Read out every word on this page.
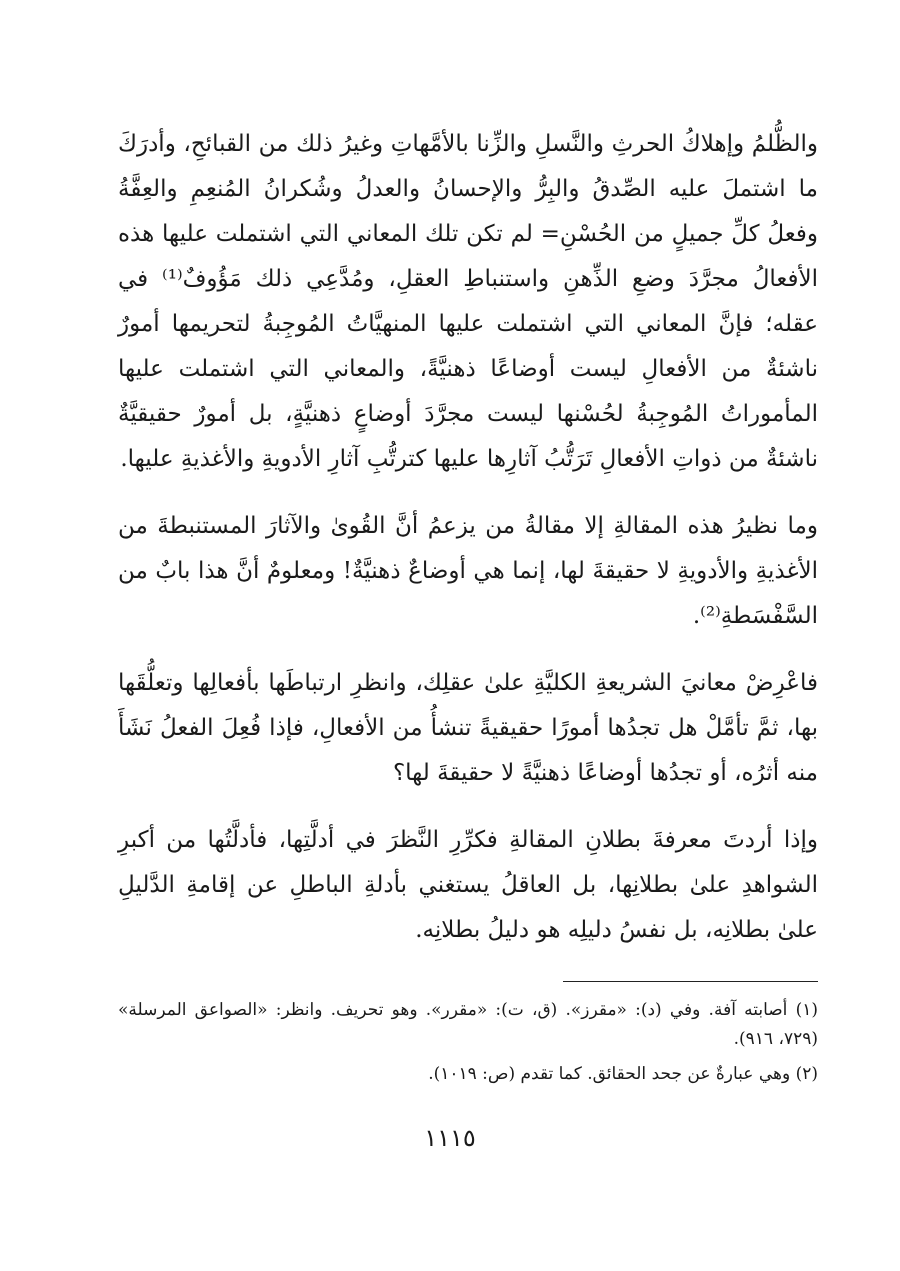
والظُّلمُ وإهلاكُ الحرثِ والنَّسلِ والزِّنا بالأمَّهاتِ وغيرُ ذلك من القبائحِ، وأدرَكَ ما اشتملَ عليه الصِّدقُ والبِرُّ والإحسانُ والعدلُ وشُكرانُ المُنعِمِ والعِفَّةُ وفعلُ كلِّ جميلٍ من الحُسْنِ= لم تكن تلك المعاني التي اشتملت عليها هذه الأفعالُ مجرَّدَ وضعِ الذِّهنِ واستنباطِ العقلِ، ومُدَّعِي ذلك مَؤُوفٌ⁽¹⁾ في عقله؛ فإنَّ المعاني التي اشتملت عليها المنهيَّاتُ المُوجِبةُ لتحريمها أمورٌ ناشئةٌ من الأفعالِ ليست أوضاعًا ذهنيَّةً، والمعاني التي اشتملت عليها المأموراتُ المُوجِبةُ لحُسْنها ليست مجرَّدَ أوضاعٍ ذهنيَّةٍ، بل أمورٌ حقيقيَّةٌ ناشئةٌ من ذواتِ الأفعالِ تَرَتُّبُ آثارِها عليها كترتُّبِ آثارِ الأدويةِ والأغذيةِ عليها.

وما نظيرُ هذه المقالةِ إلا مقالةُ من يزعمُ أنَّ القُوىٰ والآثارَ المستنبطةَ من الأغذيةِ والأدويةِ لا حقيقةَ لها، إنما هي أوضاعٌ ذهنيَّةٌ! ومعلومٌ أنَّ هذا بابٌ من السَّفْسَطةِ⁽²⁾.

فاعْرِضْ معانيَ الشريعةِ الكليَّةِ علىٰ عقلِك، وانظرِ ارتباطَها بأفعالِها وتعلُّقَها بها، ثمَّ تأمَّلْ هل تجدُها أمورًا حقيقيةً تنشأُ من الأفعالِ، فإذا فُعِلَ الفعلُ نَشَأَ منه أثرُه، أو تجدُها أوضاعًا ذهنيَّةً لا حقيقةَ لها؟

وإذا أردتَ معرفةَ بطلانِ المقالةِ فكرِّرِ النَّظرَ في أدلَّتِها، فأدلَّتُها من أكبرِ الشواهدِ علىٰ بطلانِها، بل العاقلُ يستغني بأدلةِ الباطلِ عن إقامةِ الدَّليلِ علىٰ بطلانِه، بل نفسُ دليلِه هو دليلُ بطلانِه.

(١) أصابته آفة. وفي (د): «مقرز». (ق، ت): «مقرر». وهو تحريف. وانظر: «الصواعق المرسلة» (٧٢٩، ٩١٦).

(٢) وهي عبارةٌ عن جحد الحقائق. كما تقدم (ص: ١٠١٩).

١١١٥
